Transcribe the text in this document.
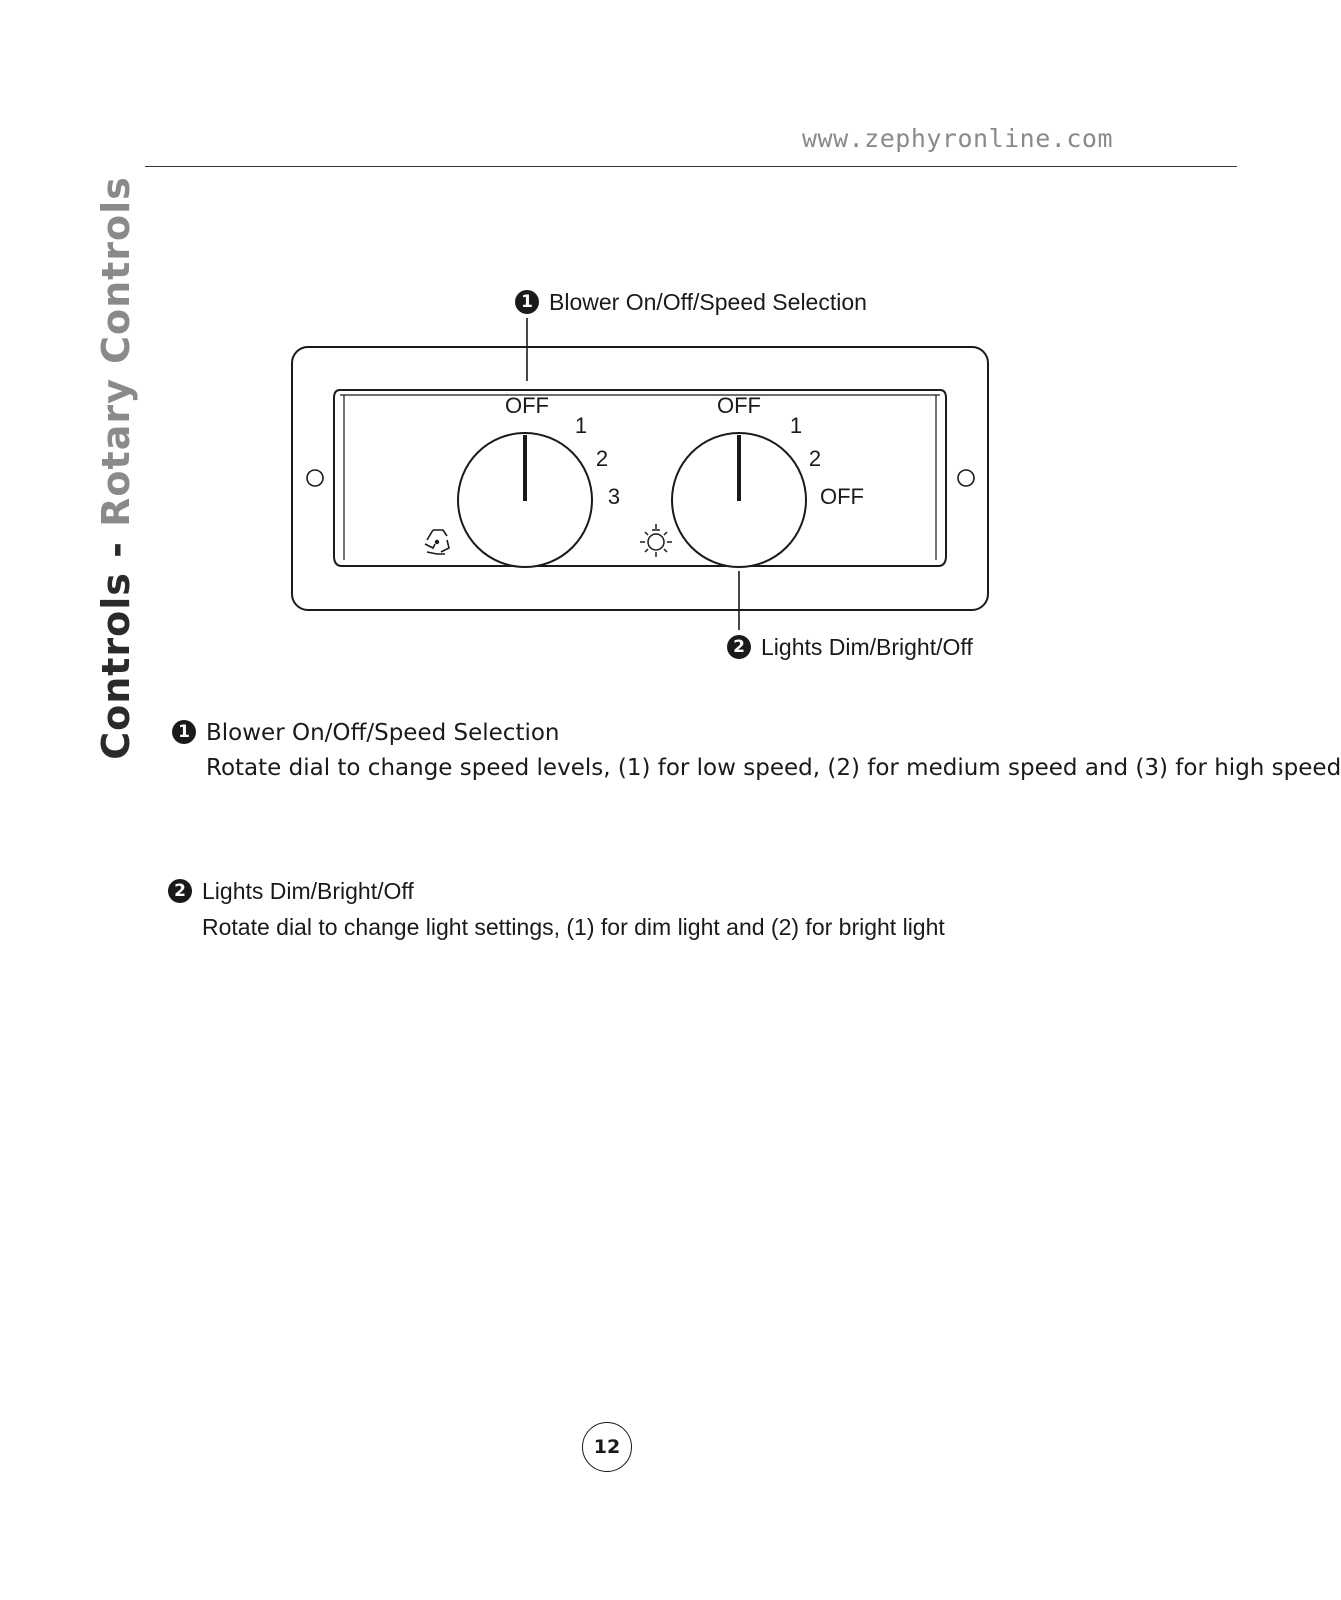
www.zephyronline.com
Controls - Rotary Controls	OFF
1
2
3
OFF
1
2
OFF
1 Blower On/Off/Speed Selection
2 Lights Dim/Bright/Off
1 Blower On/Off/Speed Selection
Rotate dial to change speed levels, (1) for low speed, (2) for medium speed and (3) for high speed
2 Lights Dim/Bright/Off
Rotate dial to change light settings, (1) for dim light and (2) for bright light
12
